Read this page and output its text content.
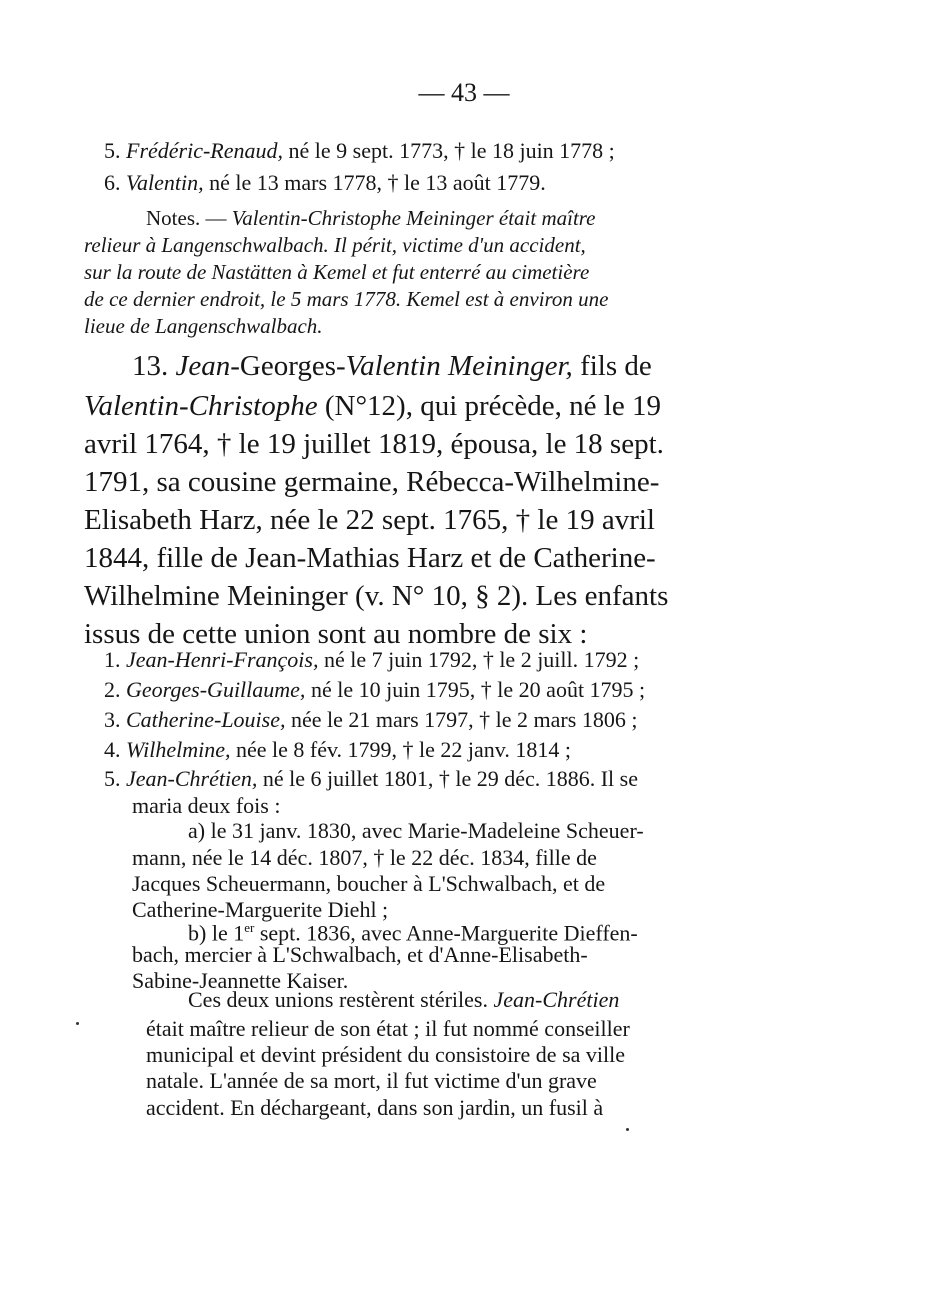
— 43 —
5. Frédéric-Renaud, né le 9 sept. 1773, † le 18 juin 1778 ;
6. Valentin, né le 13 mars 1778, † le 13 août 1779.
Notes. — Valentin-Christophe Meininger était maître
relieur à Langenschwalbach. Il périt, victime d'un accident,
sur la route de Nastätten à Kemel et fut enterré au cimetière
de ce dernier endroit, le 5 mars 1778. Kemel est à environ une
lieue de Langenschwalbach.
13. Jean-Georges-Valentin Meininger, fils de
Valentin-Christophe (N°12), qui précède, né le 19
avril 1764, † le 19 juillet 1819, épousa, le 18 sept.
1791, sa cousine germaine, Rébecca-Wilhelmine-
Elisabeth Harz, née le 22 sept. 1765, † le 19 avril
1844, fille de Jean-Mathias Harz et de Catherine-
Wilhelmine Meininger (v. N° 10, § 2). Les enfants
issus de cette union sont au nombre de six :
1. Jean-Henri-François, né le 7 juin 1792, † le 2 juill. 1792 ;
2. Georges-Guillaume, né le 10 juin 1795, † le 20 août 1795 ;
3. Catherine-Louise, née le 21 mars 1797, † le 2 mars 1806 ;
4. Wilhelmine, née le 8 fév. 1799, † le 22 janv. 1814 ;
5. Jean-Chrétien, né le 6 juillet 1801, † le 29 déc. 1886. Il se
maria deux fois :
a) le 31 janv. 1830, avec Marie-Madeleine Scheuer-
mann, née le 14 déc. 1807, † le 22 déc. 1834, fille de
Jacques Scheuermann, boucher à L'Schwalbach, et de
Catherine-Marguerite Diehl ;
b) le 1er sept. 1836, avec Anne-Marguerite Dieffen-
bach, mercier à L'Schwalbach, et d'Anne-Elisabeth-
Sabine-Jeannette Kaiser.
Ces deux unions restèrent stériles. Jean-Chrétien
était maître relieur de son état ; il fut nommé conseiller
municipal et devint président du consistoire de sa ville
natale. L'année de sa mort, il fut victime d'un grave
accident. En déchargeant, dans son jardin, un fusil à
